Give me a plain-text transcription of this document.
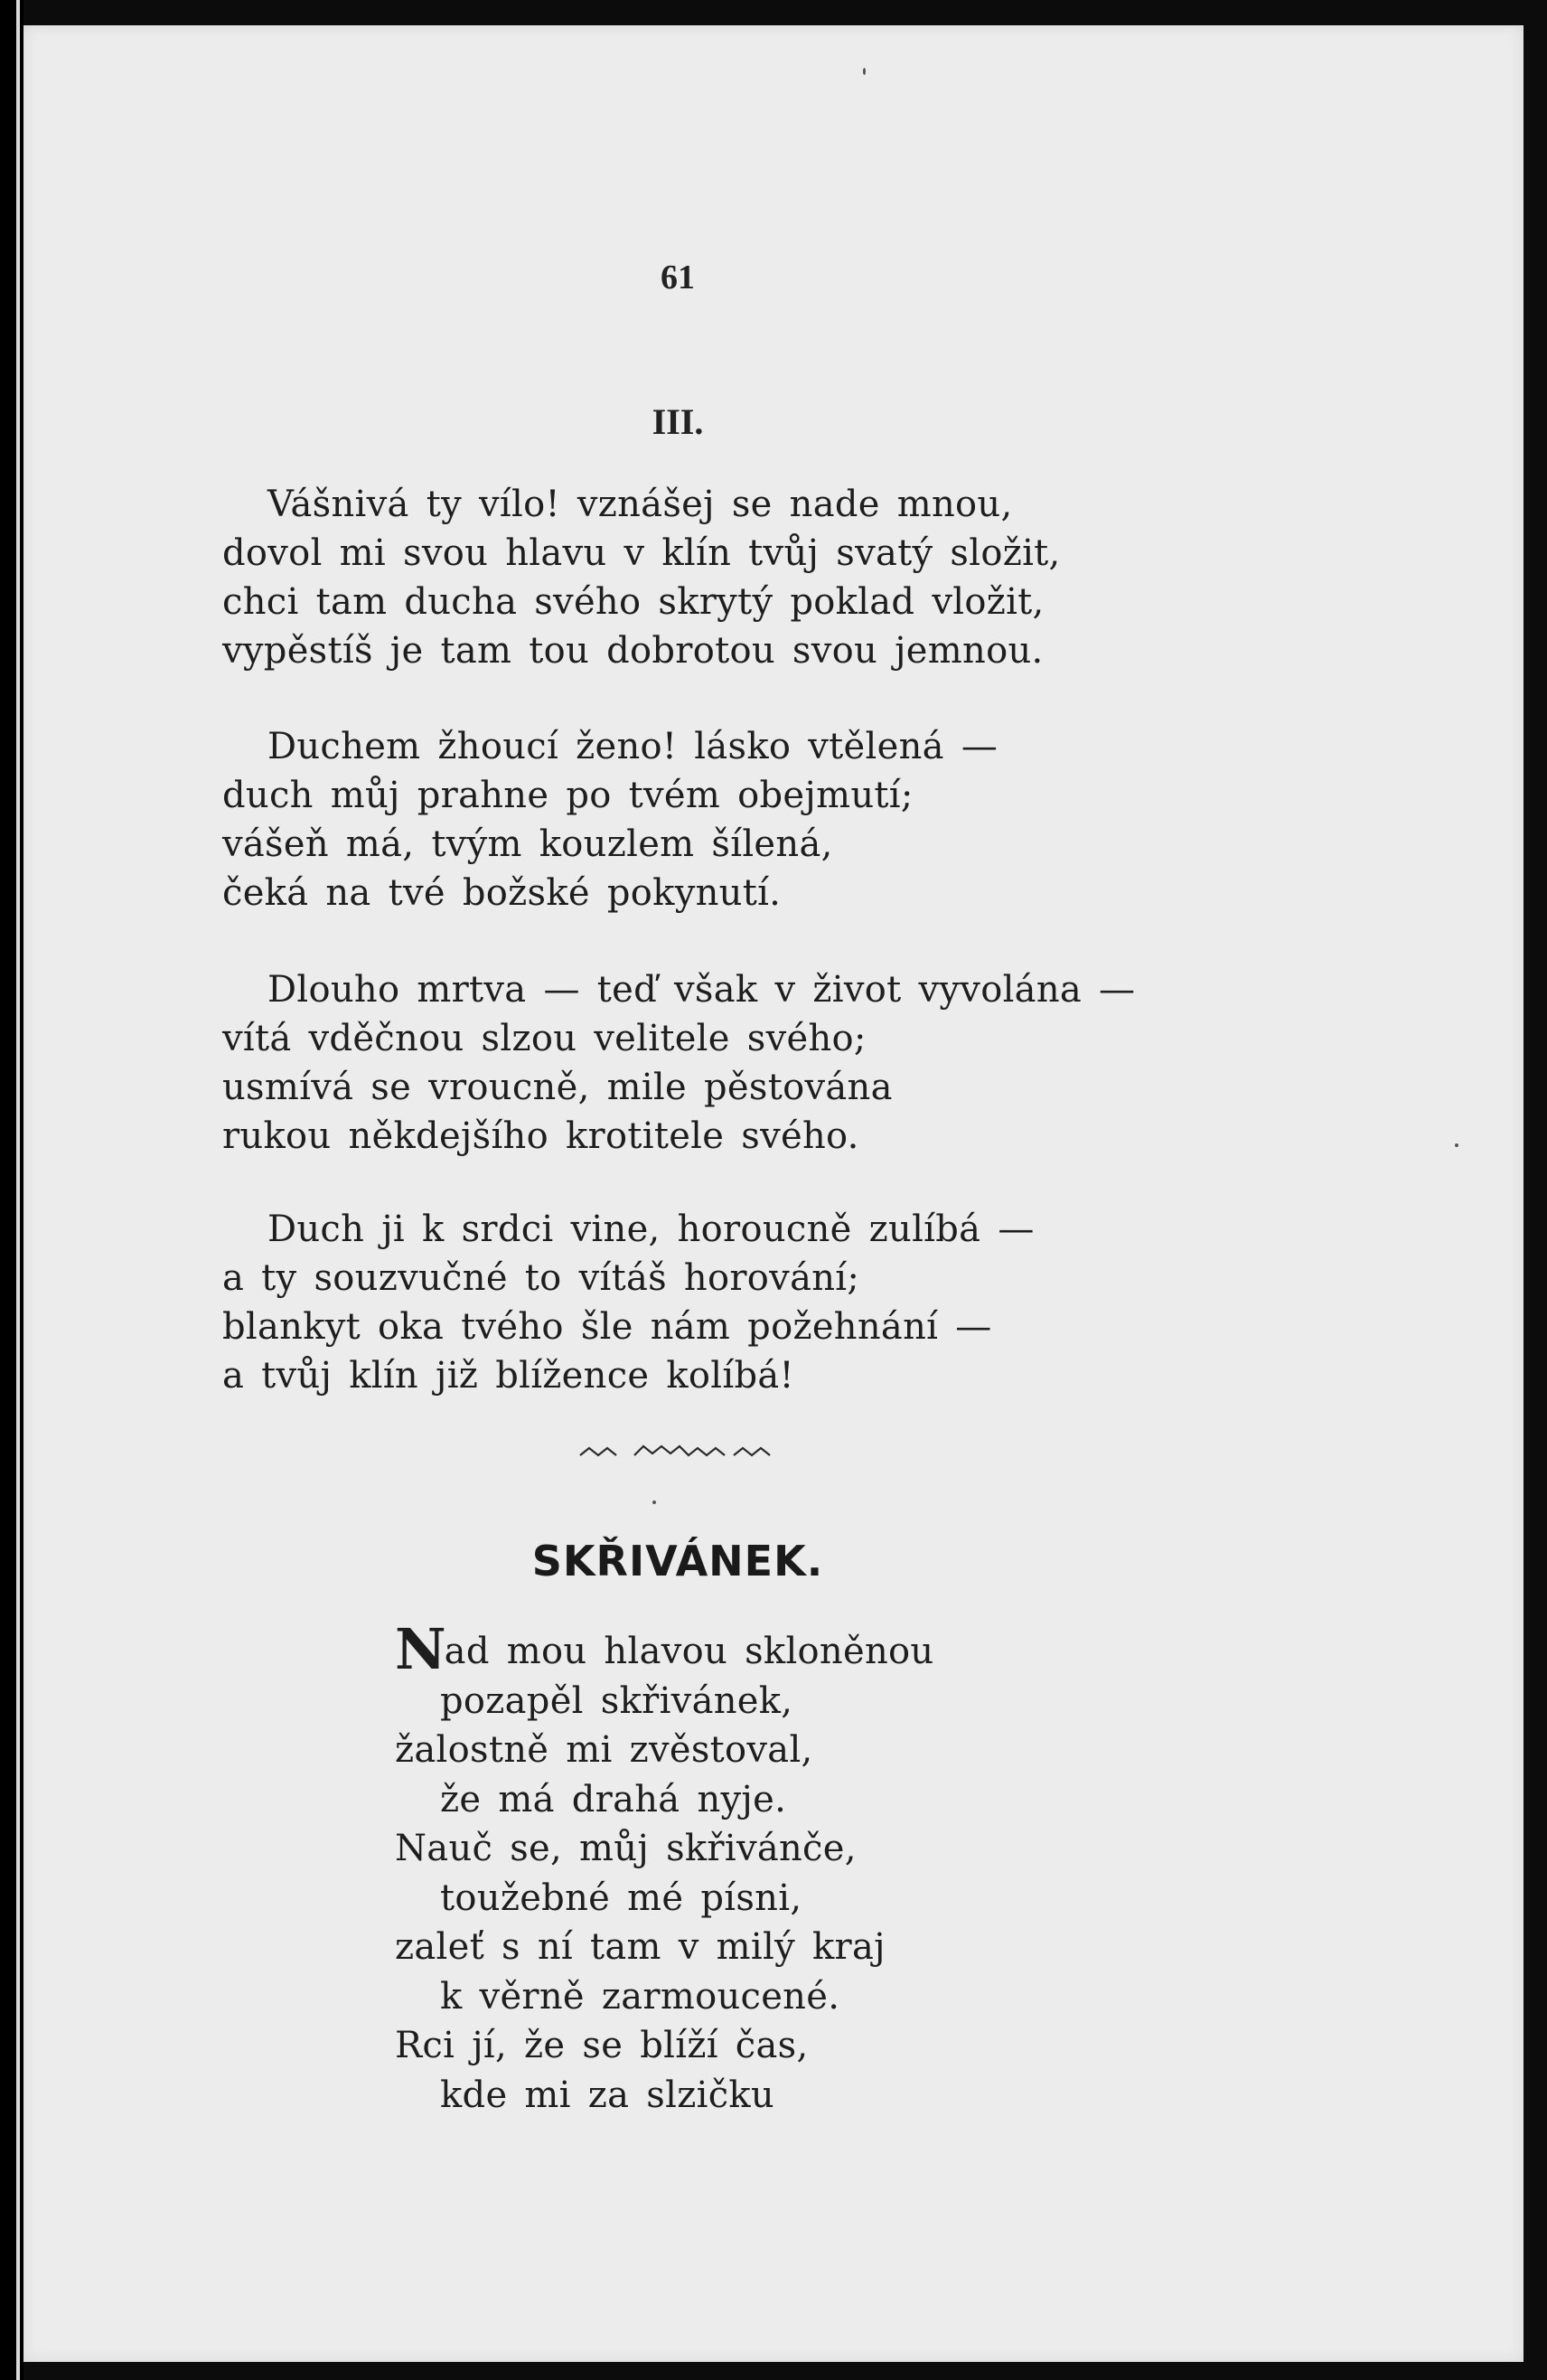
61
III.
Vášnivá ty vílo! vznášej se nade mnou,
dovol mi svou hlavu v klín tvůj svatý složit,
chci tam ducha svého skrytý poklad vložit,
vypěstíš je tam tou dobrotou svou jemnou.
Duchem žhoucí ženo! lásko vtělená —
duch můj prahne po tvém obejmutí;
vášeň má, tvým kouzlem šílená,
čeká na tvé božské pokynutí.
Dlouho mrtva — teď však v život vyvolána —
vítá vděčnou slzou velitele svého;
usmívá se vroucně, mile pěstována
rukou někdejšího krotitele svého.
Duch ji k srdci vine, horoucně zulíbá —
a ty souzvučné to vítáš horování;
blankyt oka tvého šle nám požehnání —
a tvůj klín již blížence kolíbá!
SKŘIVÁNEK.
Nad mou hlavou skloněnou
pozapěl skřivánek,
žalostně mi zvěstoval,
že má drahá nyje.
Nauč se, můj skřivánče,
toužebné mé písni,
zaleť s ní tam v milý kraj
k věrně zarmoucené.
Rci jí, že se blíží čas,
kde mi za slzičku
